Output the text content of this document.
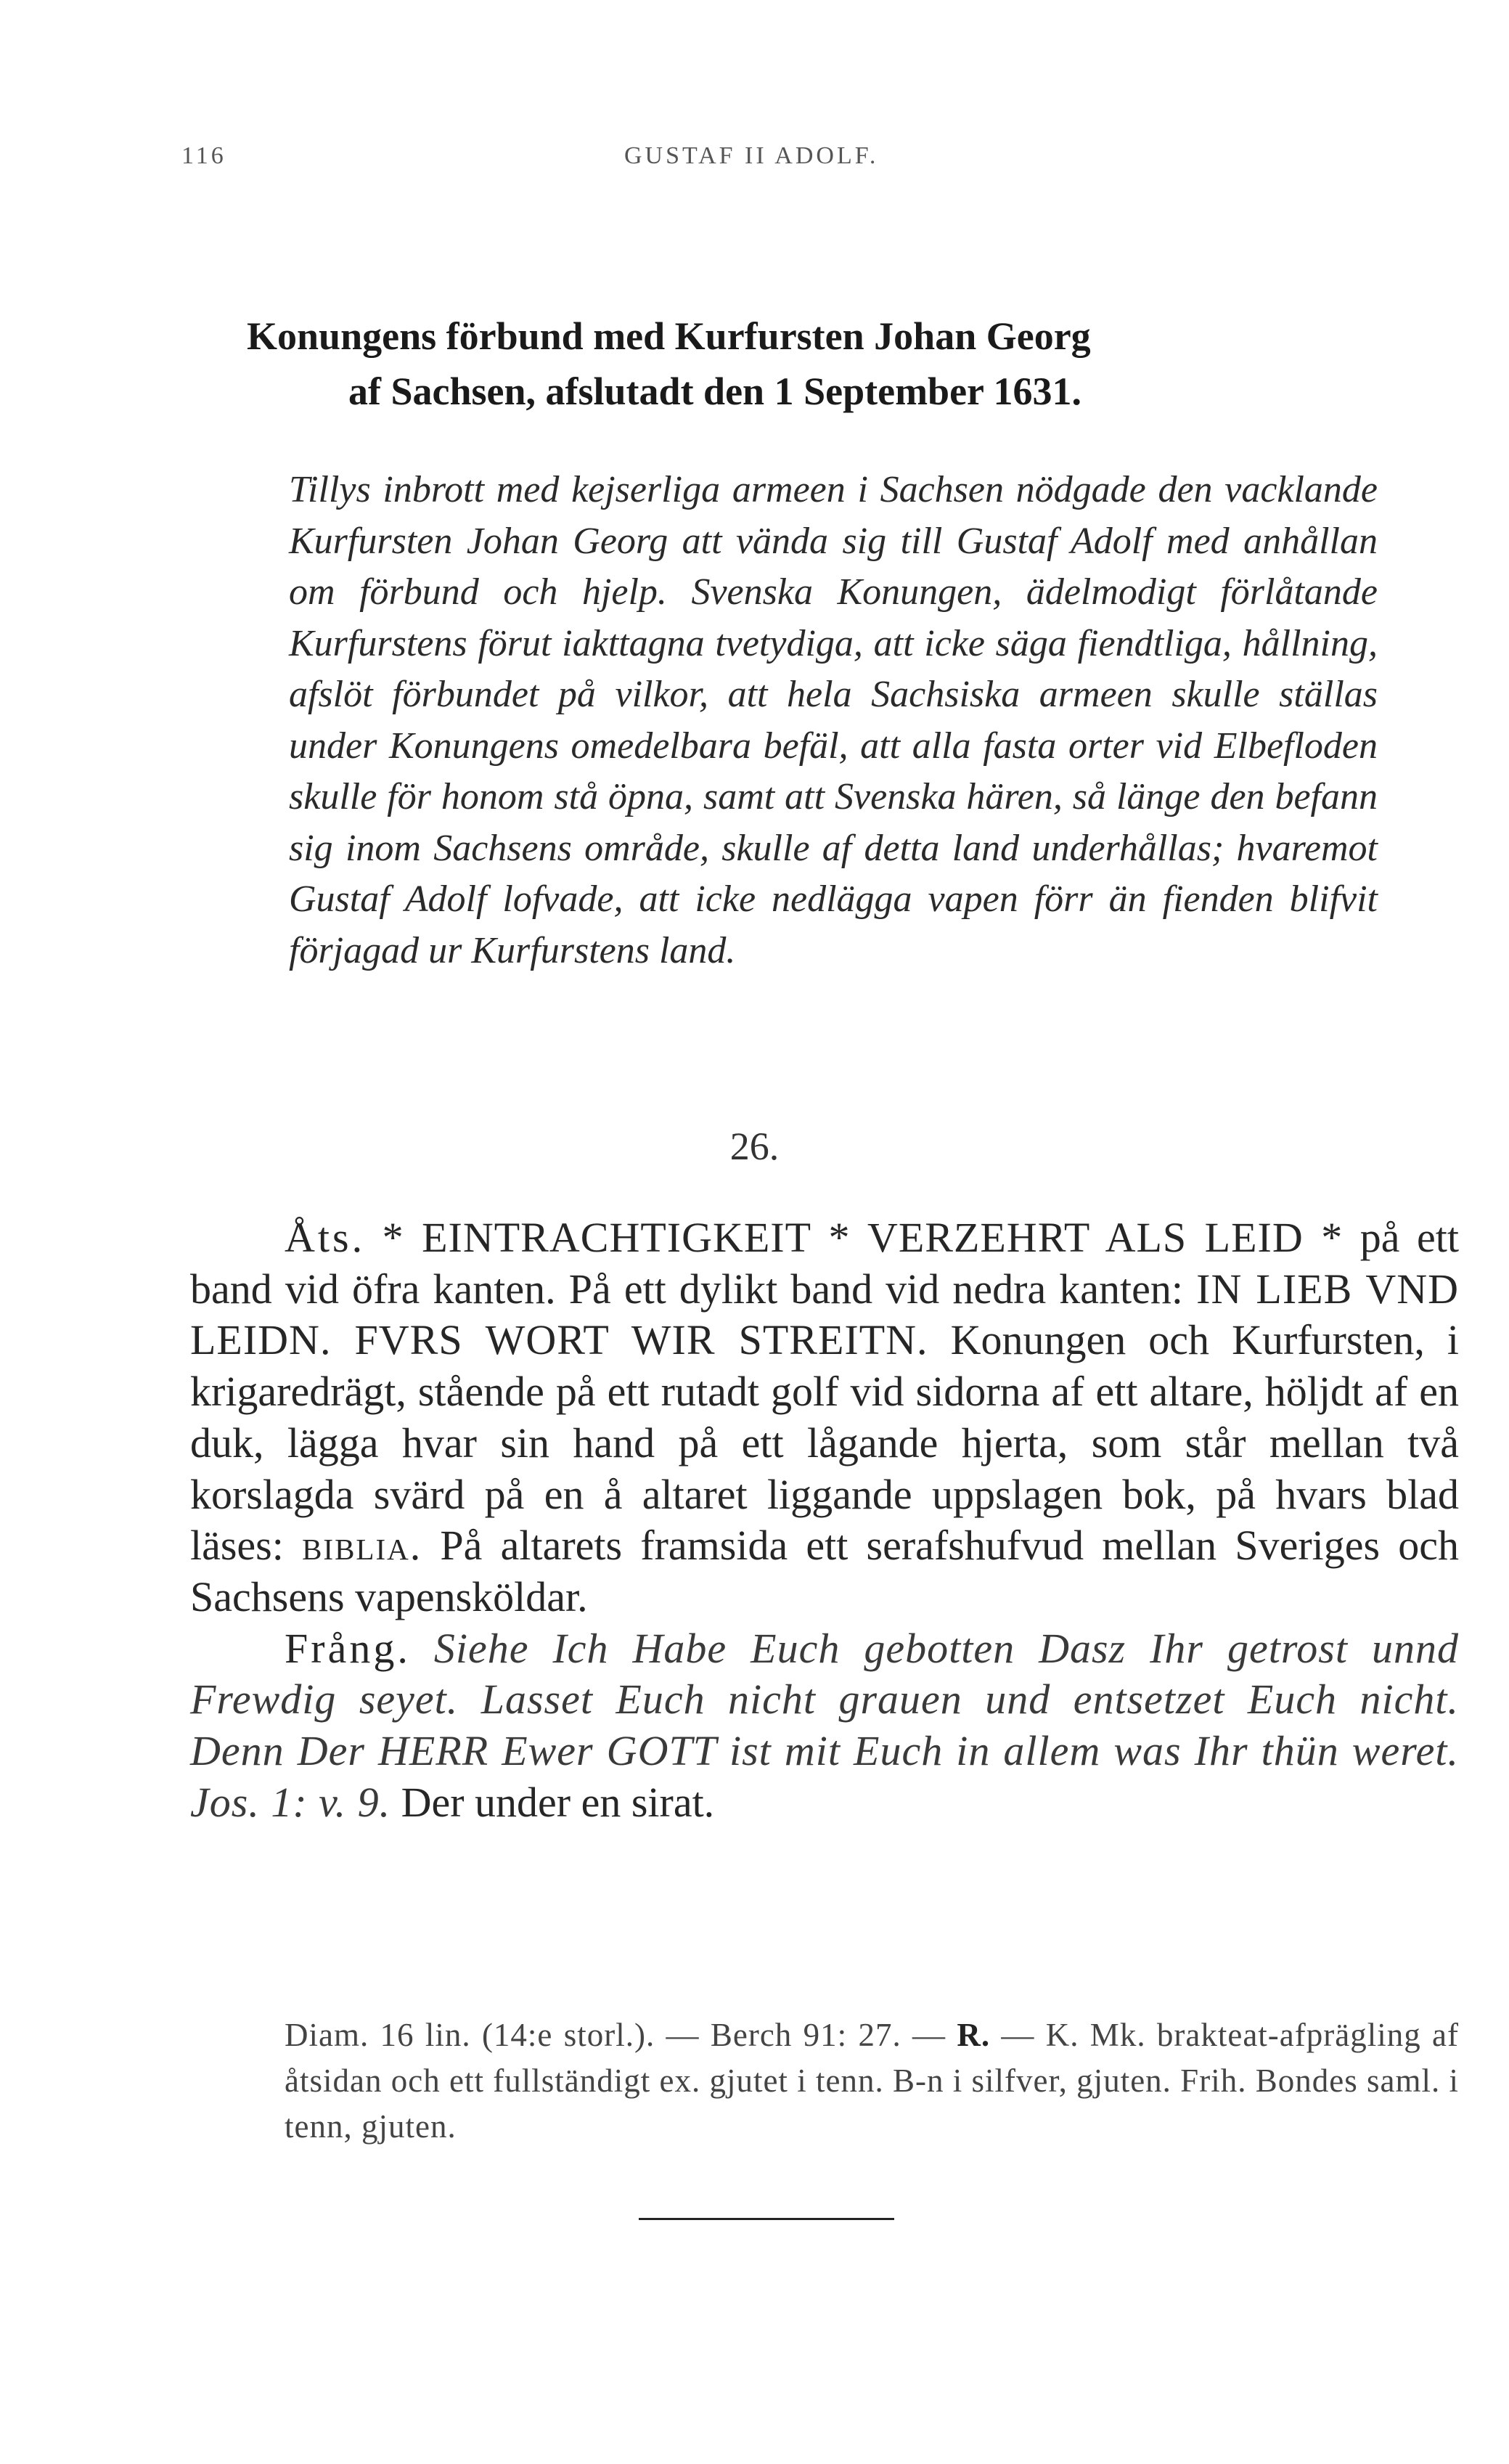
116	GUSTAF II ADOLF.
Konungens förbund med Kurfursten Johan Georg
af Sachsen, afslutadt den 1 September 1631.
Tillys inbrott med kejserliga armeen i Sachsen nödgade den vacklande Kurfursten Johan Georg att vända sig till Gustaf Adolf med anhållan om förbund och hjelp. Svenska Konungen, ädelmodigt förlåtande Kurfurstens förut iakttagna tvetydiga, att icke säga fiendtliga, hållning, afslöt förbundet på vilkor, att hela Sachsiska armeen skulle ställas under Konungens omedelbara befäl, att alla fasta orter vid Elbefloden skulle för honom stå öpna, samt att Svenska hären, så länge den befann sig inom Sachsens område, skulle af detta land underhållas; hvaremot Gustaf Adolf lofvade, att icke nedlägga vapen förr än fienden blifvit förjagad ur Kurfurstens land.
26.
Åts. * EINTRACHTIGKEIT * VERZEHRT ALS LEID * på ett band vid öfra kanten. På ett dylikt band vid nedra kanten: IN LIEB VND LEIDN. FVRS WORT WIR STREITN. Konungen och Kurfursten, i krigaredrägt, stående på ett rutadt golf vid sidorna af ett altare, höljdt af en duk, lägga hvar sin hand på ett lågande hjerta, som står mellan två korslagda svärd på en å altaret liggande uppslagen bok, på hvars blad läses: biblia. På altarets framsida ett serafshufvud mellan Sveriges och Sachsens vapensköldar.
Frång. Siehe Ich Habe Euch gebotten Dasz Ihr getrost unnd Frewdig seyet. Lasset Euch nicht grauen und entsetzet Euch nicht. Denn Der HERR Ewer GOTT ist mit Euch in allem was Ihr thün weret. Jos. 1: v. 9. Der under en sirat.
Diam. 16 lin. (14:e storl.). — Berch 91: 27. — R. — K. Mk. brakteat-afprägling af åtsidan och ett fullständigt ex. gjutet i tenn. B-n i silfver, gjuten. Frih. Bondes saml. i tenn, gjuten.
